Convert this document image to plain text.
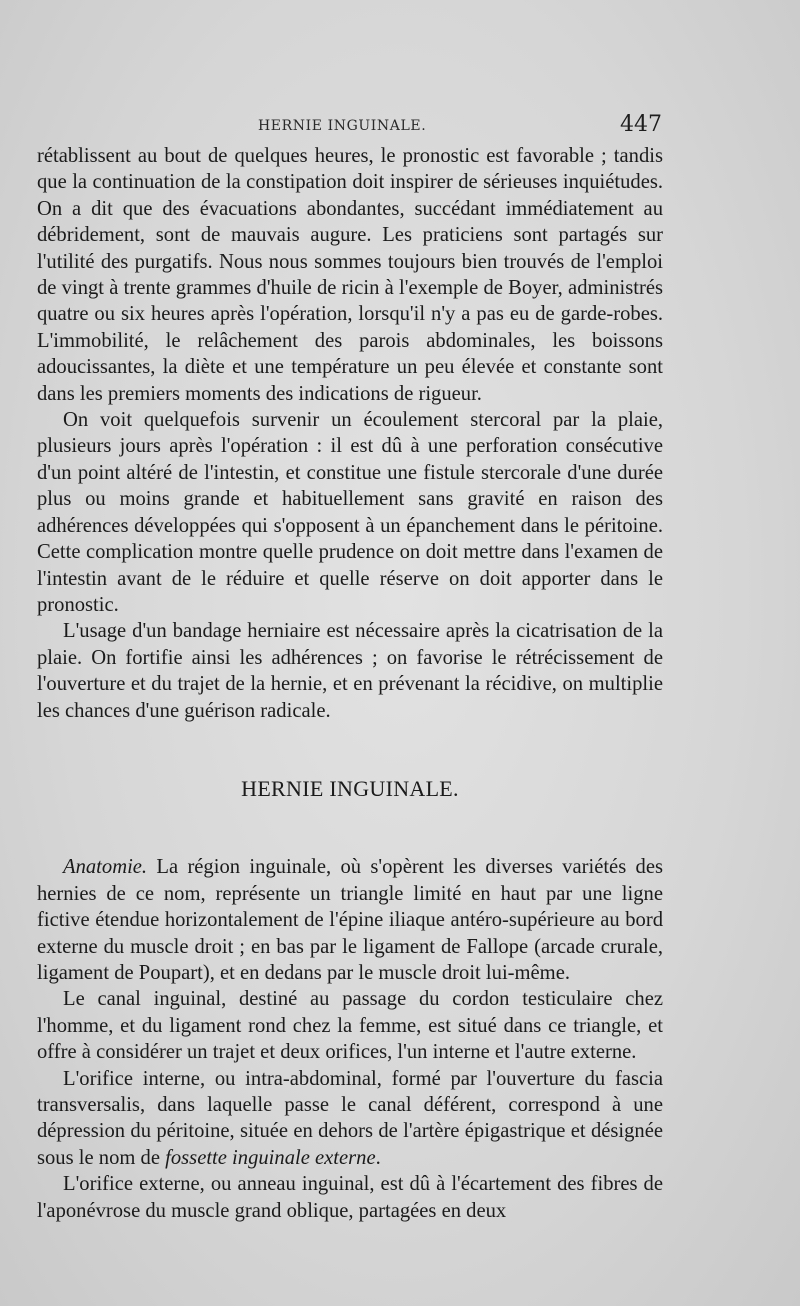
HERNIE INGUINALE.	447

rétablissent au bout de quelques heures, le pronostic est favorable ; tandis que la continuation de la constipation doit inspirer de sérieuses inquiétudes. On a dit que des évacuations abondantes, succédant immédiatement au débridement, sont de mauvais augure. Les praticiens sont partagés sur l'utilité des purgatifs. Nous nous sommes toujours bien trouvés de l'emploi de vingt à trente grammes d'huile de ricin à l'exemple de Boyer, administrés quatre ou six heures après l'opération, lorsqu'il n'y a pas eu de garde-robes. L'immobilité, le relâchement des parois abdominales, les boissons adoucissantes, la diète et une température un peu élevée et constante sont dans les premiers moments des indications de rigueur.

On voit quelquefois survenir un écoulement stercoral par la plaie, plusieurs jours après l'opération : il est dû à une perforation consécutive d'un point altéré de l'intestin, et constitue une fistule stercorale d'une durée plus ou moins grande et habituellement sans gravité en raison des adhérences développées qui s'opposent à un épanchement dans le péritoine. Cette complication montre quelle prudence on doit mettre dans l'examen de l'intestin avant de le réduire et quelle réserve on doit apporter dans le pronostic.

L'usage d'un bandage herniaire est nécessaire après la cicatrisation de la plaie. On fortifie ainsi les adhérences ; on favorise le rétrécissement de l'ouverture et du trajet de la hernie, et en prévenant la récidive, on multiplie les chances d'une guérison radicale.

HERNIE INGUINALE.

Anatomie. La région inguinale, où s'opèrent les diverses variétés des hernies de ce nom, représente un triangle limité en haut par une ligne fictive étendue horizontalement de l'épine iliaque antéro-supérieure au bord externe du muscle droit ; en bas par le ligament de Fallope (arcade crurale, ligament de Poupart), et en dedans par le muscle droit lui-même.

Le canal inguinal, destiné au passage du cordon testiculaire chez l'homme, et du ligament rond chez la femme, est situé dans ce triangle, et offre à considérer un trajet et deux orifices, l'un interne et l'autre externe.

L'orifice interne, ou intra-abdominal, formé par l'ouverture du fascia transversalis, dans laquelle passe le canal déférent, correspond à une dépression du péritoine, située en dehors de l'artère épigastrique et désignée sous le nom de fossette inguinale externe.

L'orifice externe, ou anneau inguinal, est dû à l'écartement des fibres de l'aponévrose du muscle grand oblique, partagées en deux
